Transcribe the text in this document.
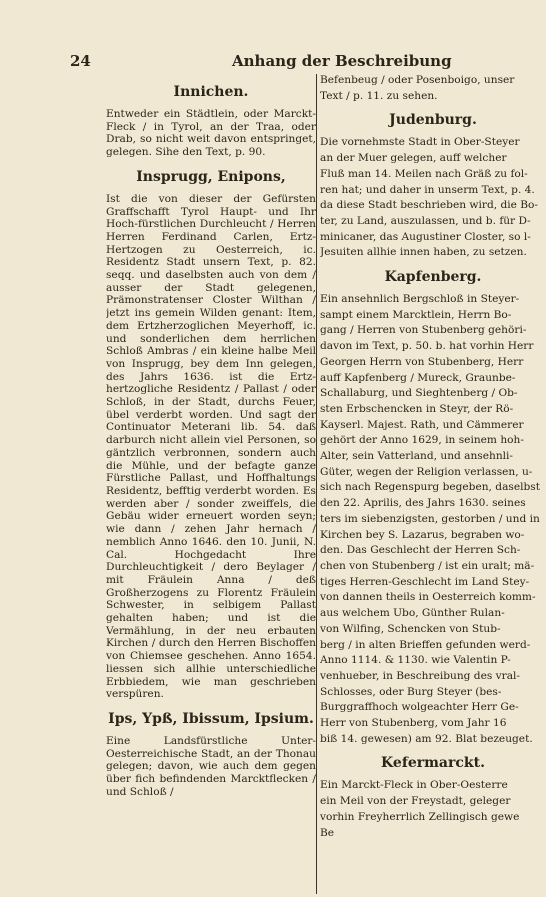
24	Anhang der Beschreibung
Innichen.

Entweder ein Städtlein, oder Marckt-Fleck / in Tyrol, an der Traa, oder Drab, so nicht weit davon entspringet, gelegen. Sihe den Text, p. 90.

Insprugg, Enipons,

Ist die von dieser der Gefürsten Graffschafft Tyrol Haupt- und Ihr Hoch-fürstlichen Durchleucht / Herren Herren Ferdinand Carlen, Ertz-Hertzogen zu Oesterreich, ic. Residentz Stadt unsern Text, p. 82. seqq. und daselbsten auch von dem / ausser der Stadt gelegenen, Prämonstratenser Closter Wilthan / jetzt ins gemein Wilden genant: Item, dem Ertzherzoglichen Meyerhoff, ic. und sonderlichen dem herrlichen Schloß Ambras / ein kleine halbe Meil von Insprugg, bey dem Inn gelegen, des Jahrs 1636. ist die Ertz-hertzogliche Residentz / Pallast / oder Schloß, in der Stadt, durchs Feuer, übel verderbt worden. Und sagt der Continuator Meterani lib. 54. daß darburch nicht allein viel Personen, so gäntzlich verbronnen, sondern auch die Mühle, und der befagte ganze Fürstliche Pallast, und Hoffhaltungs Residentz, befftig verderbt worden. Es werden aber / sonder zweiffels, die Gebäu wider erneuert worden seyn; wie dann / zehen Jahr hernach / nemblich Anno 1646. den 10. Junii, N. Cal. Hochgedacht Ihre Durchleuchtigkeit / dero Beylager / mit Fräulein Anna / deß Großherzogens zu Florentz Fräulein Schwester, in selbigem Pallast gehalten haben; und ist die Vermählung, in der neu erbauten Kirchen / durch den Herren Bischoffen von Chiemsee geschehen. Anno 1654. liessen sich allhie unterschiedliche Erbbiedem, wie man geschrieben verspüren.

Ips, Ypß, Ibissum, Ipsium.

Eine Landsfürstliche Unter-Oesterreichische Stadt, an der Thonau gelegen; davon, wie auch dem gegen über fich befindenden Marcktflecken / und Schloß /

Befenbeug / oder Posenboigo, unser

Text / p. 11. zu sehen.

Judenburg.

Die vornehmste Stadt in Ober-Steyer

an der Muer gelegen, auff welcher

Fluß man 14. Meilen nach Gräß zu fol-

ren hat; und daher in unserm Text, p. 4.

da diese Stadt beschrieben wird, die Bo-

ter, zu Land, auszulassen, und b. für D-

minicaner, das Augustiner Closter, so l-

Jesuiten allhie innen haben, zu setzen.

Kapfenberg.

Ein ansehnlich Bergschloß in Steyer-

sampt einem Marcktlein, Herrn Bo-

gang / Herren von Stubenberg gehöri-

davon im Text, p. 50. b. hat vorhin Herr

Georgen Herrn von Stubenberg, Herr

auff Kapfenberg / Mureck, Graunbe-

Schallaburg, und Sieghtenberg / Ob-

sten Erbschencken in Steyr, der Rö-

Kayserl. Majest. Rath, und Cämmerer

gehört der Anno 1629, in seinem hoh-

Alter, sein Vatterland, und ansehnli-

Güter, wegen der Religion verlassen, u-

sich nach Regenspurg begeben, daselbst

den 22. Aprilis, des Jahrs 1630. seines

ters im siebenzigsten, gestorben / und in

Kirchen bey S. Lazarus, begraben wo-

den. Das Geschlecht der Herren Sch-

chen von Stubenberg / ist ein uralt; mä-

tiges Herren-Geschlecht im Land Stey-

von dannen theils in Oesterreich komm-

aus welchem Ubo, Günther Rulan-

von Wilfing, Schencken von Stub-

berg / in alten Brieffen gefunden werd-

Anno 1114. & 1130. wie Valentin P-

venhueber, in Beschreibung des vral-

Schlosses, oder Burg Steyer (bes-

Burggraffhoch wolgeachter Herr Ge-

Herr von Stubenberg, vom Jahr 16

biß 14. gewesen) am 92. Blat bezeuget.

Kefermarckt.

Ein Marckt-Fleck in Ober-Oesterre

ein Meil von der Freystadt, geleger

vorhin Freyherrlich Zellingisch gewe

Be
